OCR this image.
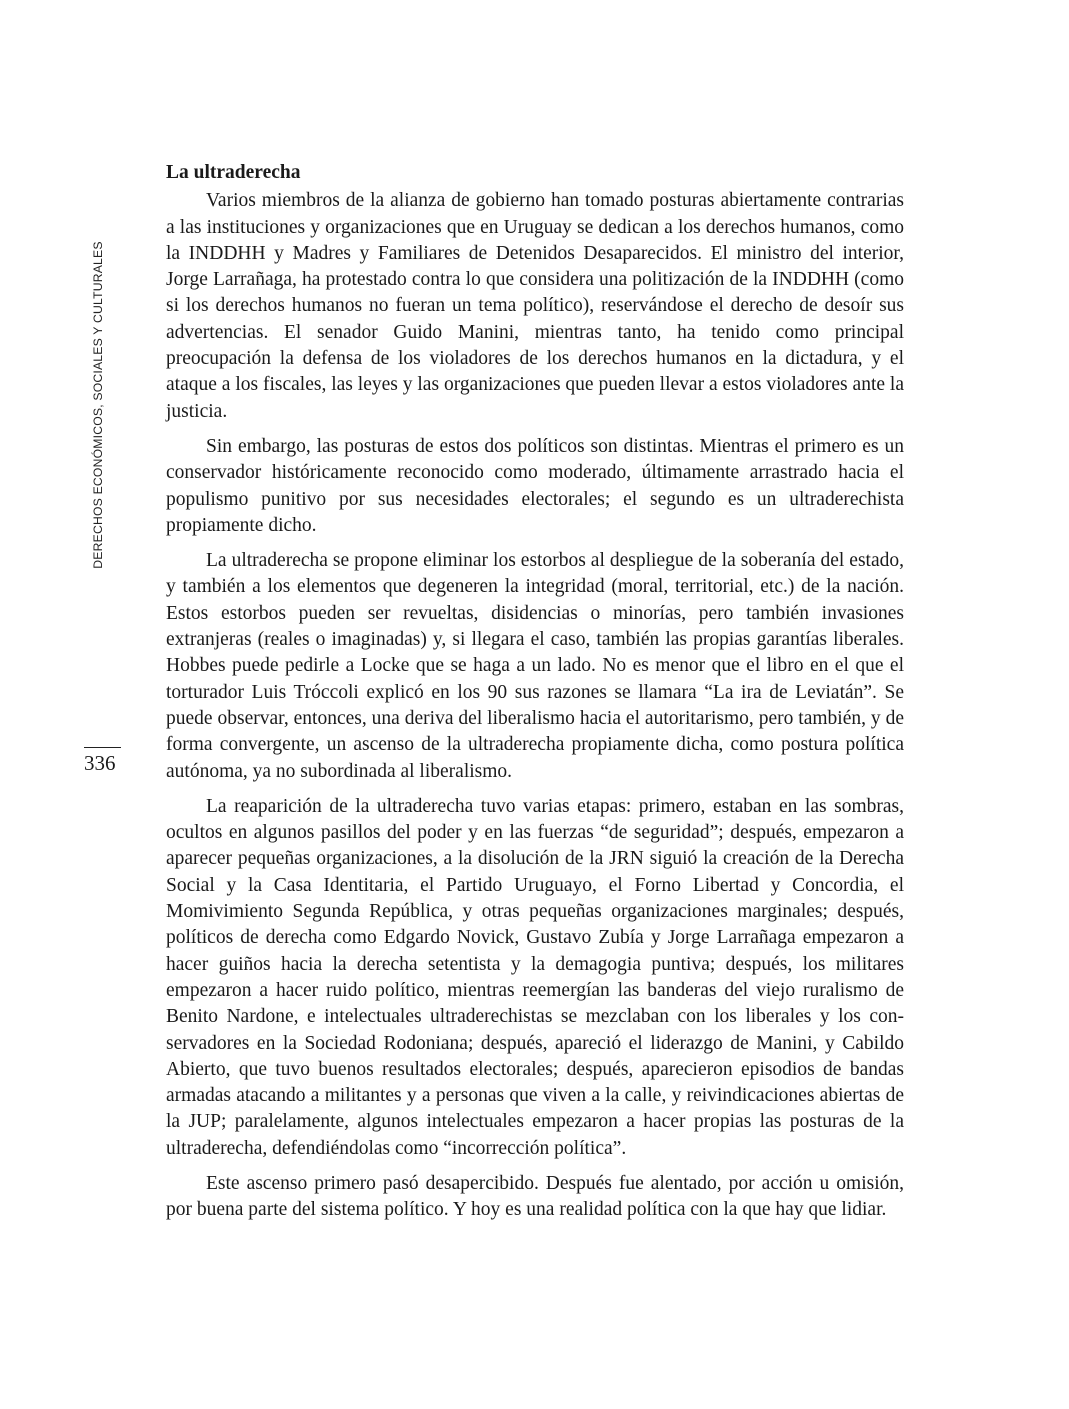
DERECHOS ECONÓMICOS, SOCIALES Y CULTURALES
336
La ultraderecha

Varios miembros de la alianza de gobierno han tomado posturas abiertamente contrarias a las instituciones y organizaciones que en Uruguay se dedican a los derechos humanos, como la INDDHH y Madres y Familiares de Detenidos Desaparecidos. El ministro del interior, Jorge Larrañaga, ha protestado contra lo que considera una politización de la INDDHH (como si los derechos humanos no fueran un tema político), reservándose el derecho de desoír sus advertencias. El senador Guido Manini, mientras tanto, ha tenido como principal preocupación la defensa de los violadores de los derechos humanos en la dictadura, y el ataque a los fiscales, las leyes y las organizaciones que pueden llevar a estos violadores ante la justicia.

Sin embargo, las posturas de estos dos políticos son distintas. Mientras el primero es un conservador históricamente reconocido como moderado, últimamente arrastrado hacia el populismo punitivo por sus necesidades electorales; el segundo es un ultraderechista propiamente dicho.

La ultraderecha se propone eliminar los estorbos al despliegue de la soberanía del estado, y también a los elementos que degeneren la integridad (moral, territorial, etc.) de la nación. Estos estorbos pueden ser revueltas, disidencias o minorías, pero también invasiones extranjeras (reales o imaginadas) y, si llegara el caso, también las propias garantías liberales. Hobbes puede pedirle a Locke que se haga a un lado. No es menor que el libro en el que el torturador Luis Tróccoli explicó en los 90 sus razones se llamara “La ira de Leviatán”. Se puede observar, entonces, una deriva del liberalismo hacia el autoritarismo, pero también, y de forma convergente, un ascenso de la ultraderecha propiamente dicha, como postura política autónoma, ya no subordinada al liberalismo.

La reaparición de la ultraderecha tuvo varias etapas: primero, estaban en las sombras, ocultos en algunos pasillos del poder y en las fuerzas “de seguridad”; después, empezaron a aparecer pequeñas organizaciones, a la disolución de la JRN siguió la creación de la Derecha Social y la Casa Identitaria, el Partido Uruguayo, el Forno Libertad y Concordia, el Momivimiento Segunda República, y otras pequeñas organizaciones marginales; después, políticos de derecha como Edgardo Novick, Gustavo Zubía y Jorge Larrañaga empezaron a hacer guiños hacia la derecha setentista y la demagogia puntiva; después, los militares empezaron a hacer ruido político, mientras reemergían las banderas del viejo ruralismo de Benito Nardone, e intelectuales ultraderechistas se mezclaban con los liberales y los conservadores en la Sociedad Rodoniana; después, apareció el liderazgo de Manini, y Cabildo Abierto, que tuvo buenos resultados electorales; después, aparecieron episodios de bandas armadas atacando a militantes y a personas que viven a la calle, y reivindicaciones abiertas de la JUP; paralelamente, algunos intelectuales empezaron a hacer propias las posturas de la ultraderecha, defendiéndolas como “incorrección política”.

Este ascenso primero pasó desapercibido. Después fue alentado, por acción u omisión, por buena parte del sistema político. Y hoy es una realidad política con la que hay que lidiar.
